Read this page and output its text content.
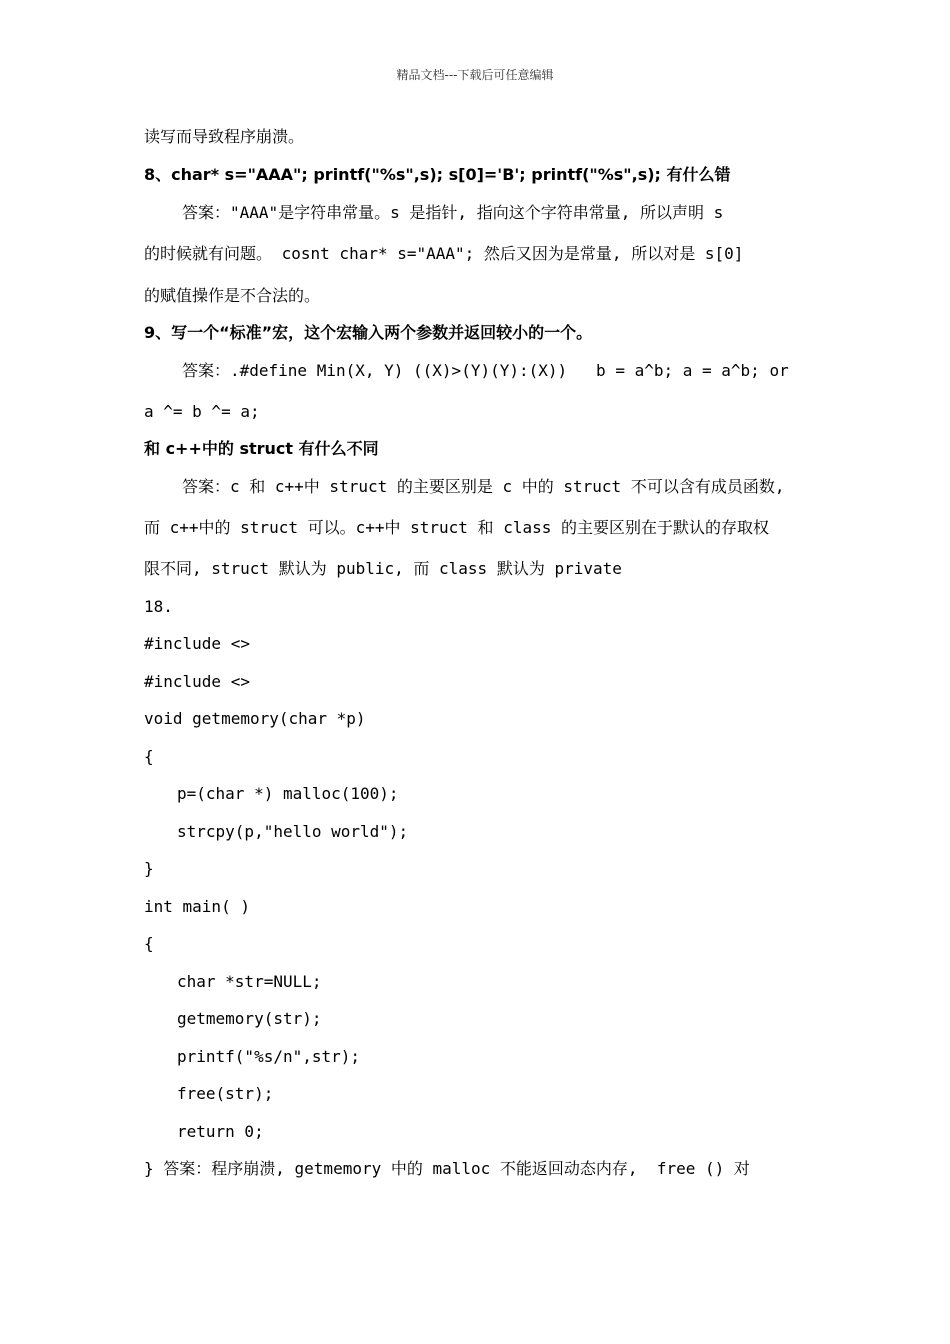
精品文档---下载后可任意编辑
读写而导致程序崩溃。
8、char* s="AAA"; printf("%s",s); s[0]='B'; printf("%s",s); 有什么错
答案："AAA"是字符串常量。s 是指针, 指向这个字符串常量, 所以声明 s
的时候就有问题。 cosnt char* s="AAA"; 然后又因为是常量, 所以对是 s[0]
的赋值操作是不合法的。
9、写一个“标准”宏，这个宏输入两个参数并返回较小的一个。
答案：.#define Min(X, Y) ((X)>(Y)(Y):(X))   b = a^b; a = a^b; or
a ^= b ^= a;
和 c++中的 struct 有什么不同
答案：c 和 c++中 struct 的主要区别是 c 中的 struct 不可以含有成员函数,
而 c++中的 struct 可以。c++中 struct 和 class 的主要区别在于默认的存取权
限不同, struct 默认为 public, 而 class 默认为 private
18.
#include <>
#include <>
void getmemory(char *p)
{
p=(char *) malloc(100);
strcpy(p,"hello world");
}
int main( )
{
char *str=NULL;
getmemory(str);
printf("%s/n",str);
free(str);
return 0;
} 答案：程序崩溃, getmemory 中的 malloc 不能返回动态内存,  free () 对
